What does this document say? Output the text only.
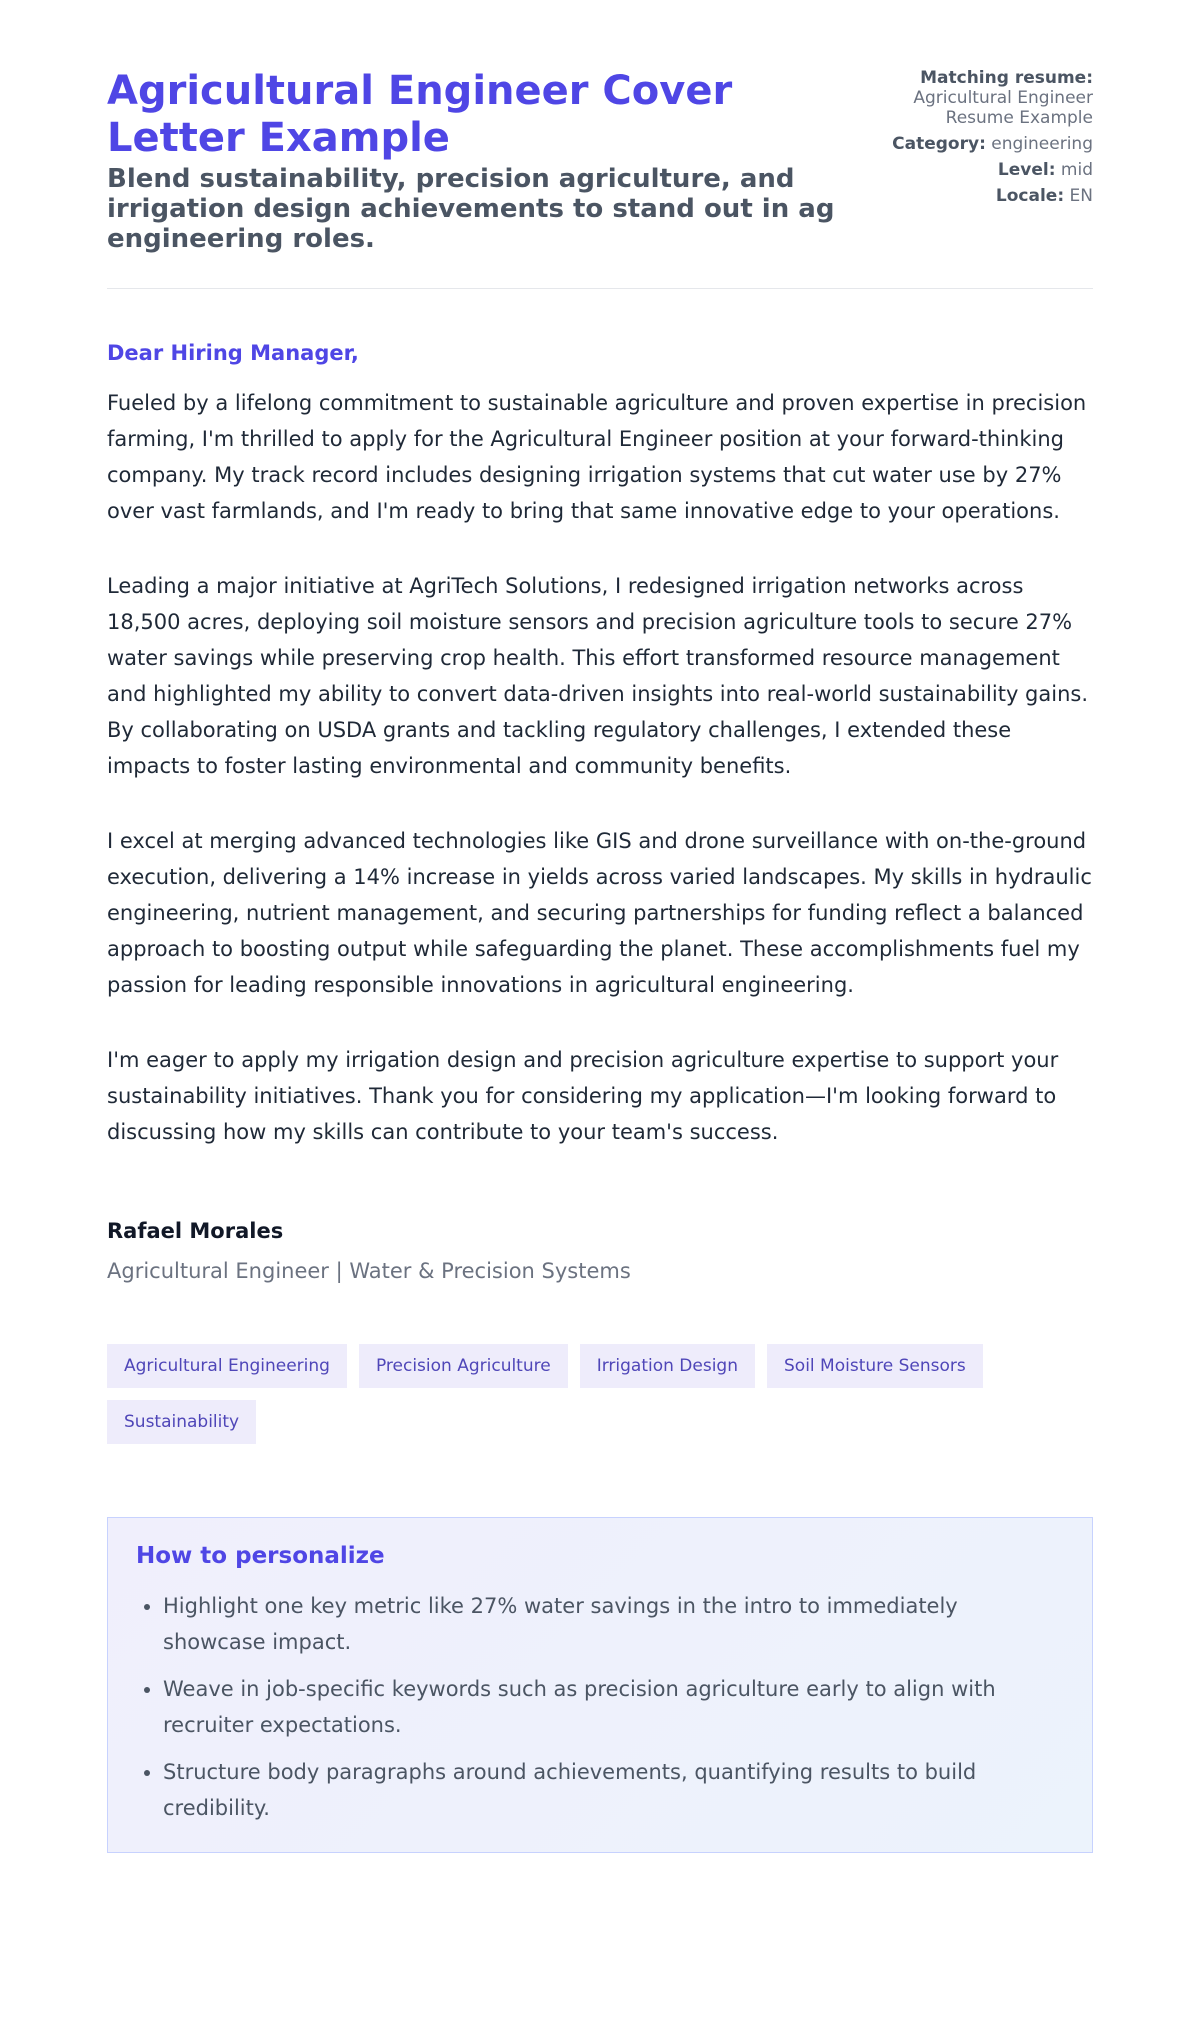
Agricultural Engineer Cover Letter Example

Blend sustainability, precision agriculture, and irrigation design achievements to stand out in ag engineering roles.

Matching resume:
Agricultural Engineer Resume Example
Category: engineering
Level: mid
Locale: EN

Dear Hiring Manager,

Fueled by a lifelong commitment to sustainable agriculture and proven expertise in precision farming, I'm thrilled to apply for the Agricultural Engineer position at your forward-thinking company. My track record includes designing irrigation systems that cut water use by 27% over vast farmlands, and I'm ready to bring that same innovative edge to your operations.

Leading a major initiative at AgriTech Solutions, I redesigned irrigation networks across 18,500 acres, deploying soil moisture sensors and precision agriculture tools to secure 27% water savings while preserving crop health. This effort transformed resource management and highlighted my ability to convert data-driven insights into real-world sustainability gains. By collaborating on USDA grants and tackling regulatory challenges, I extended these impacts to foster lasting environmental and community benefits.

I excel at merging advanced technologies like GIS and drone surveillance with on-the-ground execution, delivering a 14% increase in yields across varied landscapes. My skills in hydraulic engineering, nutrient management, and securing partnerships for funding reflect a balanced approach to boosting output while safeguarding the planet. These accomplishments fuel my passion for leading responsible innovations in agricultural engineering.

I'm eager to apply my irrigation design and precision agriculture expertise to support your sustainability initiatives. Thank you for considering my application—I'm looking forward to discussing how my skills can contribute to your team's success.

Rafael Morales

Agricultural Engineer | Water & Precision Systems

Agricultural Engineering	Precision Agriculture	Irrigation Design	Soil Moisture Sensors
Sustainability
How to personalize
• Highlight one key metric like 27% water savings in the intro to immediately showcase impact.
• Weave in job-specific keywords such as precision agriculture early to align with recruiter expectations.
• Structure body paragraphs around achievements, quantifying results to build credibility.
